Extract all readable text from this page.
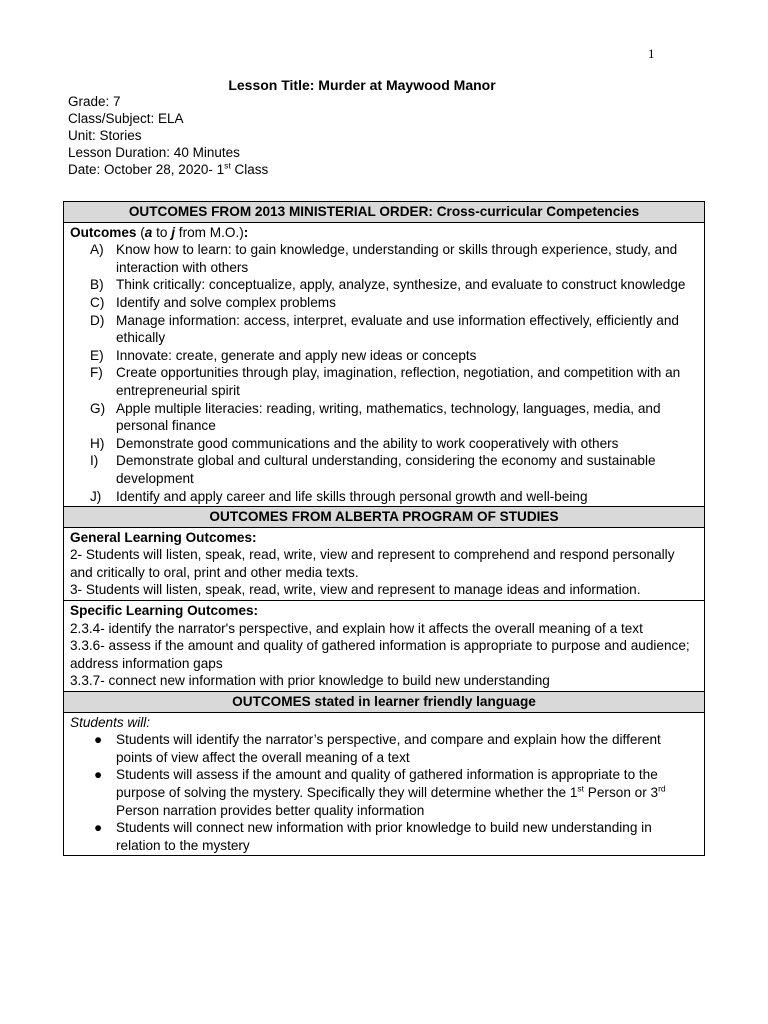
1
Lesson Title: Murder at Maywood Manor
Grade: 7
Class/Subject: ELA
Unit: Stories
Lesson Duration: 40 Minutes
Date: October 28, 2020- 1st Class
OUTCOMES FROM 2013 MINISTERIAL ORDER: Cross-curricular Competencies

Outcomes (a to j from M.O.):
A) Know how to learn: to gain knowledge, understanding or skills through experience, study, and interaction with others
B) Think critically: conceptualize, apply, analyze, synthesize, and evaluate to construct knowledge
C) Identify and solve complex problems
D) Manage information: access, interpret, evaluate and use information effectively, efficiently and ethically
E) Innovate: create, generate and apply new ideas or concepts
F) Create opportunities through play, imagination, reflection, negotiation, and competition with an entrepreneurial spirit
G) Apple multiple literacies: reading, writing, mathematics, technology, languages, media, and personal finance
H) Demonstrate good communications and the ability to work cooperatively with others
I) Demonstrate global and cultural understanding, considering the economy and sustainable development
J) Identify and apply career and life skills through personal growth and well-being

OUTCOMES FROM ALBERTA PROGRAM OF STUDIES

General Learning Outcomes:
2- Students will listen, speak, read, write, view and represent to comprehend and respond personally and critically to oral, print and other media texts.
3- Students will listen, speak, read, write, view and represent to manage ideas and information.

Specific Learning Outcomes:
2.3.4- identify the narrator's perspective, and explain how it affects the overall meaning of a text
3.3.6- assess if the amount and quality of gathered information is appropriate to purpose and audience; address information gaps
3.3.7- connect new information with prior knowledge to build new understanding

OUTCOMES stated in learner friendly language

Students will:
● Students will identify the narrator’s perspective, and compare and explain how the different points of view affect the overall meaning of a text
● Students will assess if the amount and quality of gathered information is appropriate to the purpose of solving the mystery. Specifically they will determine whether the 1st Person or 3rd Person narration provides better quality information
● Students will connect new information with prior knowledge to build new understanding in relation to the mystery
